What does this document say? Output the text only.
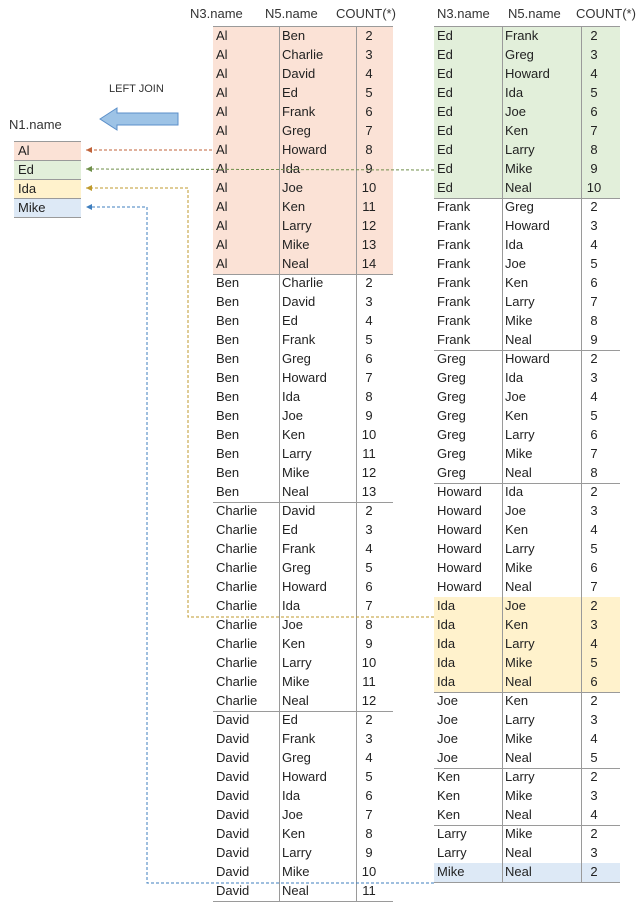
N3.name N5.name COUNT(*)	N3.name N5.name COUNT(*)
N1.name
Al
Ed
Ida
Mike
LEFT JOIN
Al	Ben	2
Al	Charlie	3
Al	David	4
Al	Ed	5
Al	Frank	6
Al	Greg	7
Al	Howard	8
Al	Ida	9
Al	Joe	10
Al	Ken	11
Al	Larry	12
Al	Mike	13
Al	Neal	14
Ben	Charlie	2
Ben	David	3
Ben	Ed	4
Ben	Frank	5
Ben	Greg	6
Ben	Howard	7
Ben	Ida	8
Ben	Joe	9
Ben	Ken	10
Ben	Larry	11
Ben	Mike	12
Ben	Neal	13
Charlie David	2
Charlie Ed	3
Charlie Frank	4
Charlie Greg	5
Charlie Howard	6
Charlie Ida	7
Charlie Joe	8
Charlie Ken	9
Charlie Larry	10
Charlie Mike	11
Charlie Neal	12
David	Ed	2
David	Frank	3
David	Greg	4
David	Howard	5
David	Ida	6
David	Joe	7
David	Ken	8
David	Larry	9
David	Mike	10
David	Neal	11
Ed	Frank	2
Ed	Greg	3
Ed	Howard	4
Ed	Ida	5
Ed	Joe	6
Ed	Ken	7
Ed	Larry	8
Ed	Mike	9
Ed	Neal	10
Frank	Greg	2
Frank	Howard	3
Frank	Ida	4
Frank	Joe	5
Frank	Ken	6
Frank	Larry	7
Frank	Mike	8
Frank	Neal	9
Greg	Howard	2
Greg	Ida	3
Greg	Joe	4
Greg	Ken	5
Greg	Larry	6
Greg	Mike	7
Greg	Neal	8
Howard Ida	2
Howard Joe	3
Howard Ken	4
Howard Larry	5
Howard Mike	6
Howard Neal	7
Ida	Joe	2
Ida	Ken	3
Ida	Larry	4
Ida	Mike	5
Ida	Neal	6
Joe	Ken	2
Joe	Larry	3
Joe	Mike	4
Joe	Neal	5
Ken	Larry	2
Ken	Mike	3
Ken	Neal	4
Larry	Mike	2
Larry	Neal	3
Mike	Neal	2
